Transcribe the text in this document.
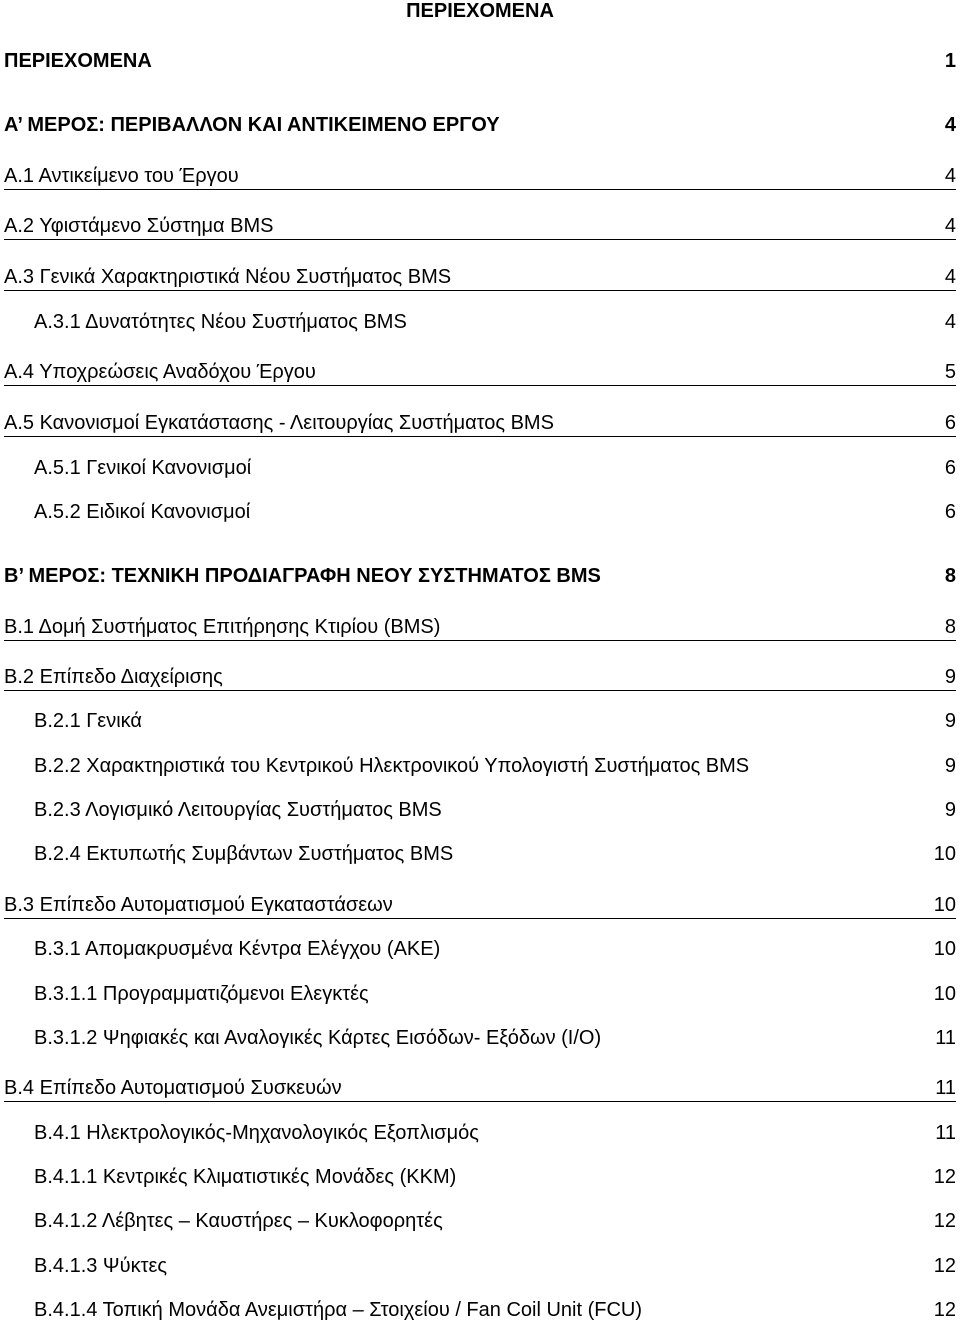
ΠΕΡΙΕΧΟΜΕΝΑ
ΠΕΡΙΕΧΟΜΕΝΑ	1
Α’ ΜΕΡΟΣ: ΠΕΡΙΒΑΛΛΟΝ ΚΑΙ ΑΝΤΙΚΕΙΜΕΝΟ ΕΡΓΟΥ	4
Α.1 Αντικείμενο του Έργου	4
Α.2 Υφιστάμενο Σύστημα BMS	4
Α.3 Γενικά Χαρακτηριστικά Νέου Συστήματος BMS	4
Α.3.1 Δυνατότητες Νέου Συστήματος BMS	4
Α.4 Υποχρεώσεις Αναδόχου Έργου	5
Α.5 Κανονισμοί Εγκατάστασης - Λειτουργίας Συστήματος BMS	6
Α.5.1 Γενικοί Κανονισμοί	6
Α.5.2 Ειδικοί Κανονισμοί	6
Β’ ΜΕΡΟΣ: ΤΕΧΝΙΚΗ ΠΡΟΔΙΑΓΡΑΦΗ ΝΕΟΥ ΣΥΣΤΗΜΑΤΟΣ BMS	8
Β.1 Δομή Συστήματος Επιτήρησης Κτιρίου (BMS)	8
Β.2 Επίπεδο Διαχείρισης	9
Β.2.1 Γενικά	9
Β.2.2 Χαρακτηριστικά του Κεντρικού Ηλεκτρονικού Υπολογιστή Συστήματος BMS	9
Β.2.3 Λογισμικό Λειτουργίας Συστήματος BMS	9
Β.2.4 Εκτυπωτής Συμβάντων Συστήματος BMS	10
Β.3 Επίπεδο Αυτοματισμού Εγκαταστάσεων	10
Β.3.1 Απομακρυσμένα Κέντρα Ελέγχου (ΑΚΕ)	10
Β.3.1.1 Προγραμματιζόμενοι Ελεγκτές	10
Β.3.1.2 Ψηφιακές και Αναλογικές Κάρτες Εισόδων- Εξόδων (I/O)	11
Β.4 Επίπεδο Αυτοματισμού Συσκευών	11
Β.4.1 Ηλεκτρολογικός-Μηχανολογικός Εξοπλισμός	11
Β.4.1.1 Κεντρικές Κλιματιστικές Μονάδες (ΚΚΜ)	12
Β.4.1.2 Λέβητες – Καυστήρες – Κυκλοφορητές	12
Β.4.1.3 Ψύκτες	12
Β.4.1.4 Τοπική Μονάδα Ανεμιστήρα – Στοιχείου / Fan Coil Unit (FCU)	12
